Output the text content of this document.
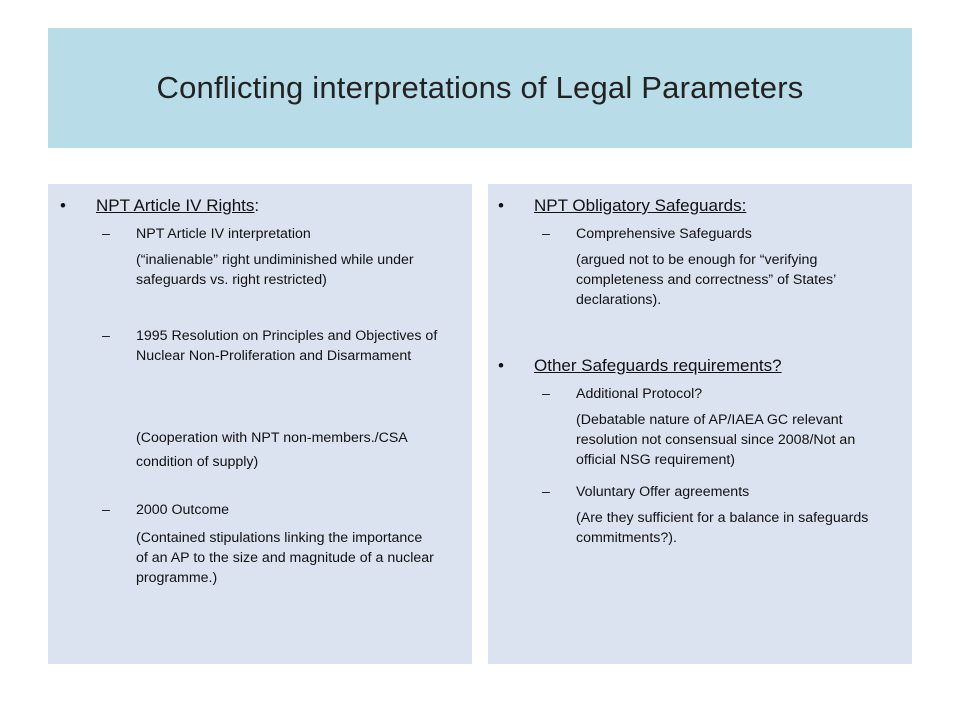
Conflicting interpretations of Legal Parameters
• NPT Article IV Rights:
– NPT Article IV interpretation
(“inalienable” right undiminished while under safeguards vs. right restricted)
– 1995 Resolution on Principles and Objectives of Nuclear Non-Proliferation and Disarmament
(Cooperation with NPT non-members./CSA condition of supply)
– 2000 Outcome
(Contained stipulations linking the importance of an AP to the size and magnitude of a nuclear programme.)
• NPT Obligatory Safeguards:
– Comprehensive Safeguards
(argued not to be enough for “verifying completeness and correctness” of States’ declarations).
• Other Safeguards requirements?
– Additional Protocol?
(Debatable nature of AP/IAEA GC relevant resolution not consensual since 2008/Not an official NSG requirement)
– Voluntary Offer agreements
(Are they sufficient for a balance in safeguards commitments?).
